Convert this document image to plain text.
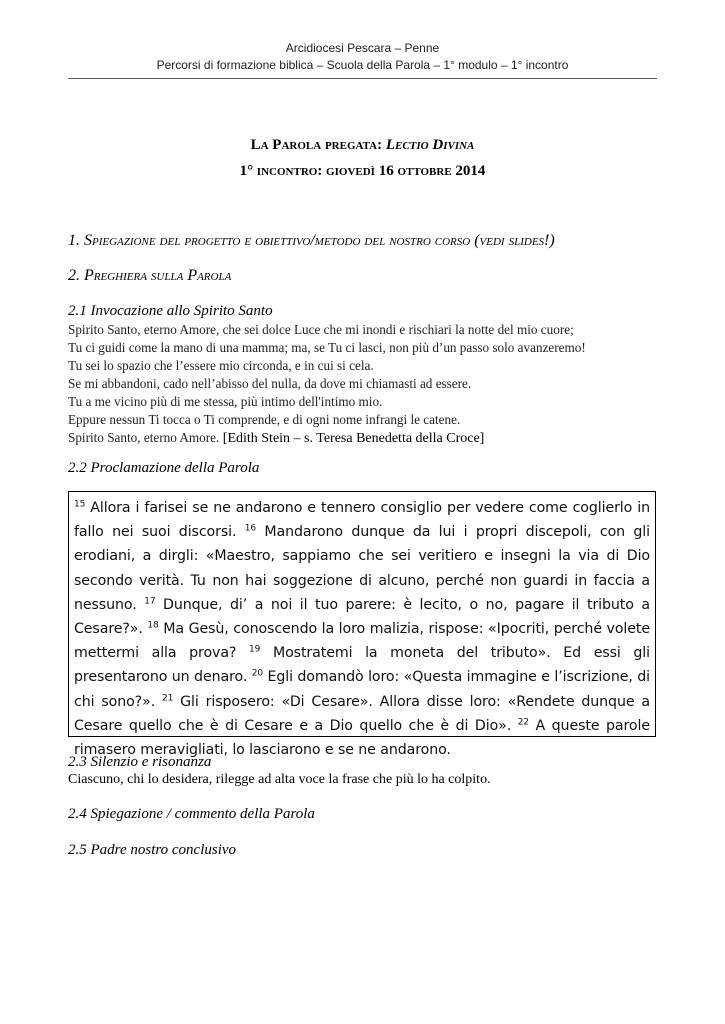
Arcidiocesi Pescara – Penne
Percorsi di formazione biblica – Scuola della Parola – 1° modulo – 1° incontro
La Parola pregata: Lectio Divina
1° incontro: giovedì 16 ottobre 2014
1. Spiegazione del progetto e obiettivo/metodo del nostro corso (vedi slides!)
2. Preghiera sulla Parola
2.1 Invocazione allo Spirito Santo
Spirito Santo, eterno Amore, che sei dolce Luce che mi inondi e rischiari la notte del mio cuore;
Tu ci guidi come la mano di una mamma; ma, se Tu ci lasci, non più d’un passo solo avanzeremo!
Tu sei lo spazio che l’essere mio circonda, e in cui si cela.
Se mi abbandoni, cado nell’abisso del nulla, da dove mi chiamasti ad essere.
Tu a me vicino più di me stessa, più intimo dell'intimo mio.
Eppure nessun Ti tocca o Ti comprende, e di ogni nome infrangi le catene.
Spirito Santo, eterno Amore. [Edith Stein – s. Teresa Benedetta della Croce]
2.2 Proclamazione della Parola
$^{15}$ Allora i farisei se ne andarono e tennero consiglio per vedere come coglierlo in fallo nei suoi discorsi. $^{16}$ Mandarono dunque da lui i propri discepoli, con gli erodiani, a dirgli: «Maestro, sappiamo che sei veritiero e insegni la via di Dio secondo verità. Tu non hai soggezione di alcuno, perché non guardi in faccia a nessuno. $^{17}$ Dunque, di’ a noi il tuo parere: è lecito, o no, pagare il tributo a Cesare?». $^{18}$ Ma Gesù, conoscendo la loro malizia, rispose: «Ipocriti, perché volete mettermi alla prova? $^{19}$ Mostratemi la moneta del tributo». Ed essi gli presentarono un denaro. $^{20}$ Egli domandò loro: «Questa immagine e l’iscrizione, di chi sono?». $^{21}$ Gli risposero: «Di Cesare». Allora disse loro: «Rendete dunque a Cesare quello che è di Cesare e a Dio quello che è di Dio». $^{22}$ A queste parole rimasero meravigliati, lo lasciarono e se ne andarono.
2.3 Silenzio e risonanza
Ciascuno, chi lo desidera, rilegge ad alta voce la frase che più lo ha colpito.
2.4 Spiegazione / commento della Parola
2.5 Padre nostro conclusivo
